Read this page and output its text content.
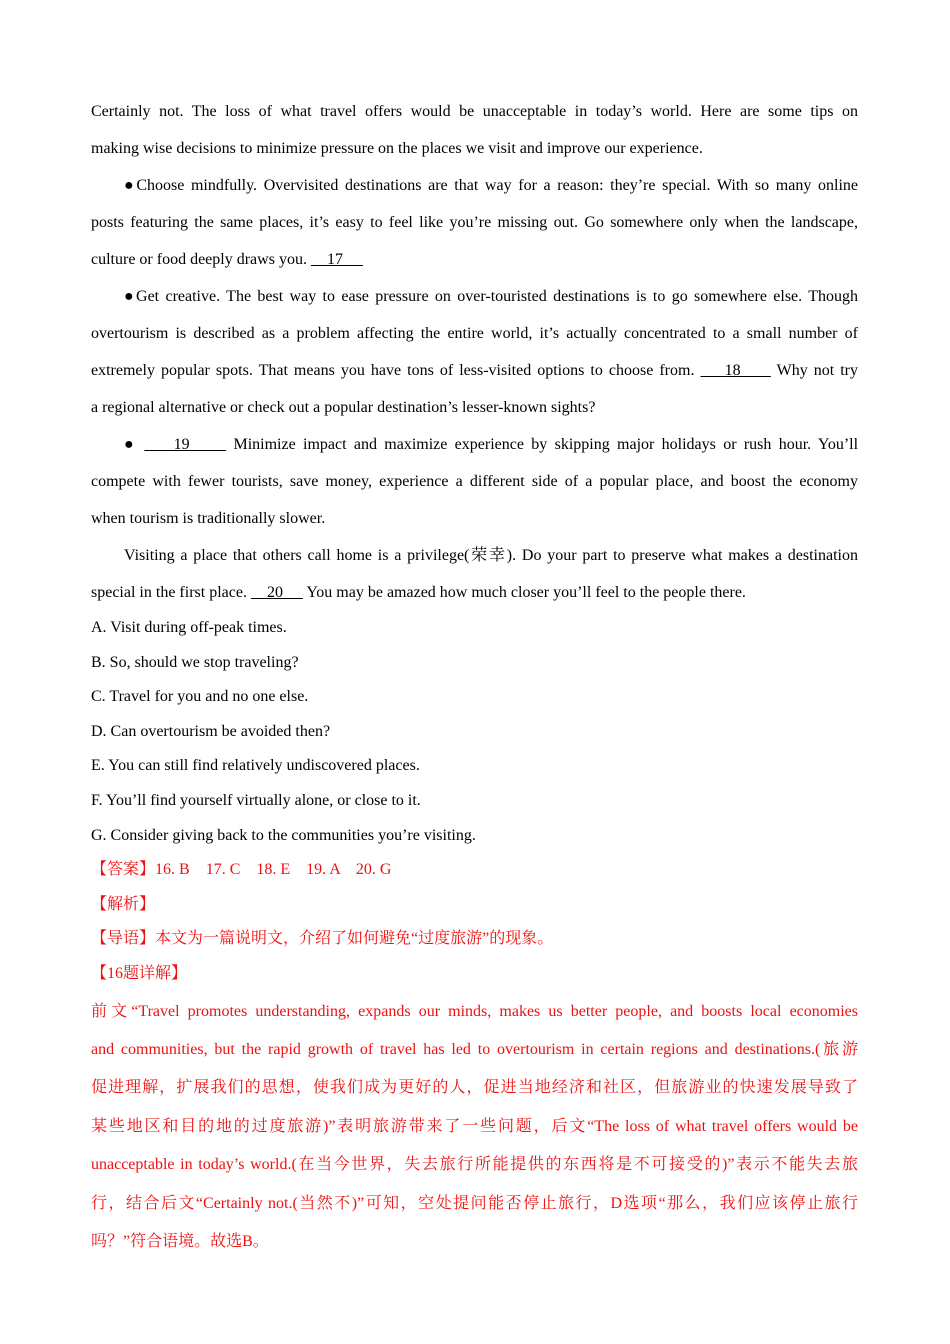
Certainly not. The loss of what travel offers would be unacceptable in today’s world. Here are some tips on

making wise decisions to minimize pressure on the places we visit and improve our experience.

●Choose mindfully. Overvisited destinations are that way for a reason: they’re special. With so many online

posts featuring the same places, it’s easy to feel like you’re missing out. Go somewhere only when the landscape,

culture or food deeply draws you. 17

●Get creative. The best way to ease pressure on over-touristed destinations is to go somewhere else. Though

overtourism is described as a problem affecting the entire world, it’s actually concentrated to a small number of

extremely popular spots. That means you have tons of less-visited options to choose from. 18 Why not try

a regional alternative or check out a popular destination’s lesser-known sights?

● 19	Minimize impact and maximize experience by skipping major holidays or rush hour. You’ll

compete with fewer tourists, save money, experience a different side of a popular place, and boost the economy

when tourism is traditionally slower.

Visiting a place that others call home is a privilege(荣幸). Do your part to preserve what makes a destination

special in the first place. 20 You may be amazed how much closer you’ll feel to the people there.

A. Visit during off-peak times.

B. So, should we stop traveling?

C. Travel for you and no one else.

D. Can overtourism be avoided then?

E. You can still find relatively undiscovered places.

F. You’ll find yourself virtually alone, or close to it.

G. Consider giving back to the communities you’re visiting.

【答案】16. B    17. C    18. E    19. A    20. G

【解析】

【导语】本文为一篇说明文，介绍了如何避免“过度旅游”的现象。

【16题详解】

前文“Travel promotes understanding, expands our minds, makes us better people, and boosts local economies

and communities, but the rapid growth of travel has led to overtourism in certain regions and destinations.(旅游

促进理解，扩展我们的思想，使我们成为更好的人，促进当地经济和社区，但旅游业的快速发展导致了

某些地区和目的地的过度旅游)”表明旅游带来了一些问题，后文“The loss of what travel offers would be

unacceptable in today’s world.(在当今世界，失去旅行所能提供的东西将是不可接受的)”表示不能失去旅

行，结合后文“Certainly not.(当然不)”可知，空处提问能否停止旅行，D选项“那么，我们应该停止旅行

吗？”符合语境。故选B。
